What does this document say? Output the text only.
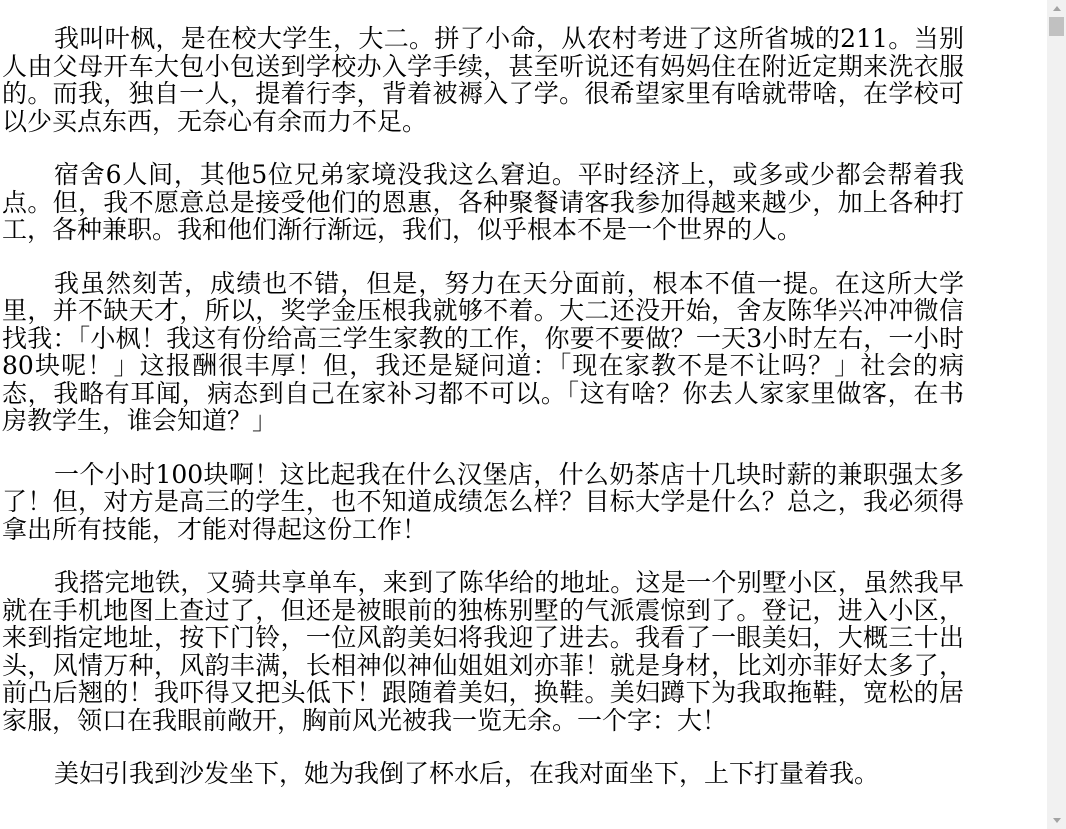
我叫叶枫，是在校大学生，大二。拼了小命，从农村考进了这所省城的211。当别人由父母开车大包小包送到学校办入学手续，甚至听说还有妈妈住在附近定期来洗衣服的。而我，独自一人，提着行李，背着被褥入了学。很希望家里有啥就带啥，在学校可以少买点东西，无奈心有余而力不足。

宿舍6人间，其他5位兄弟家境没我这么窘迫。平时经济上，或多或少都会帮着我点。但，我不愿意总是接受他们的恩惠，各种聚餐请客我参加得越来越少，加上各种打工，各种兼职。我和他们渐行渐远，我们，似乎根本不是一个世界的人。

我虽然刻苦，成绩也不错，但是，努力在天分面前，根本不值一提。在这所大学里，并不缺天才，所以，奖学金压根我就够不着。大二还没开始，舍友陈华兴冲冲微信找我：「小枫！我这有份给高三学生家教的工作，你要不要做？一天3小时左右，一小时80块呢！」这报酬很丰厚！但，我还是疑问道：「现在家教不是不让吗？」社会的病态，我略有耳闻，病态到自己在家补习都不可以。「这有啥？你去人家家里做客，在书房教学生，谁会知道？」

一个小时100块啊！这比起我在什么汉堡店，什么奶茶店十几块时薪的兼职强太多了！但，对方是高三的学生，也不知道成绩怎么样？目标大学是什么？总之，我必须得拿出所有技能，才能对得起这份工作！

我搭完地铁，又骑共享单车，来到了陈华给的地址。这是一个别墅小区，虽然我早就在手机地图上查过了，但还是被眼前的独栋别墅的气派震惊到了。登记，进入小区，来到指定地址，按下门铃，一位风韵美妇将我迎了进去。我看了一眼美妇，大概三十出头，风情万种，风韵丰满，长相神似神仙姐姐刘亦菲！就是身材，比刘亦菲好太多了，前凸后翘的！我吓得又把头低下！跟随着美妇，换鞋。美妇蹲下为我取拖鞋，宽松的居家服，领口在我眼前敞开，胸前风光被我一览无余。一个字：大！

美妇引我到沙发坐下，她为我倒了杯水后，在我对面坐下，上下打量着我。
